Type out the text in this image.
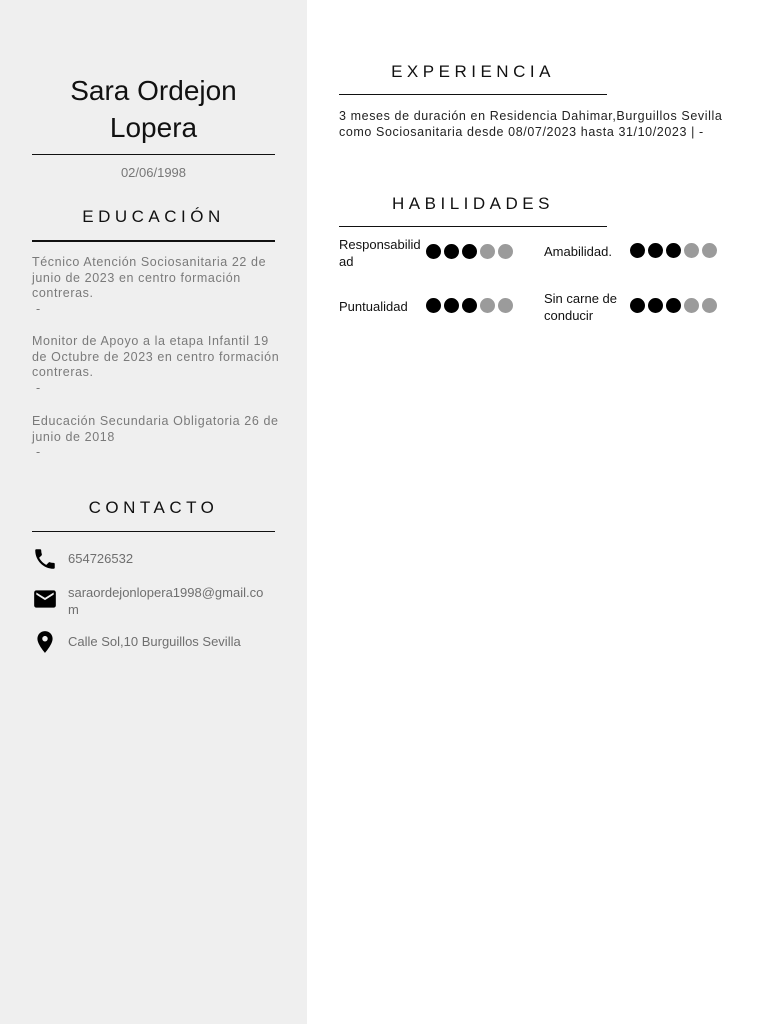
Sara Ordejon Lopera
02/06/1998
EDUCACIÓN
Técnico Atención Sociosanitaria 22 de junio de 2023 en centro formación contreras.
-
Monitor de Apoyo a la etapa Infantil 19 de Octubre de 2023 en centro formación contreras.
-
Educación Secundaria Obligatoria 26 de junio de 2018
-
CONTACTO
654726532
saraordejonlopera1998@gmail.com
Calle Sol,10 Burguillos Sevilla
EXPERIENCIA
3 meses de duración en Residencia Dahimar,Burguillos Sevilla como Sociosanitaria desde 08/07/2023 hasta 31/10/2023 | -
HABILIDADES
Responsabilidad
Amabilidad.
Puntualidad	Sin carne de conducir
